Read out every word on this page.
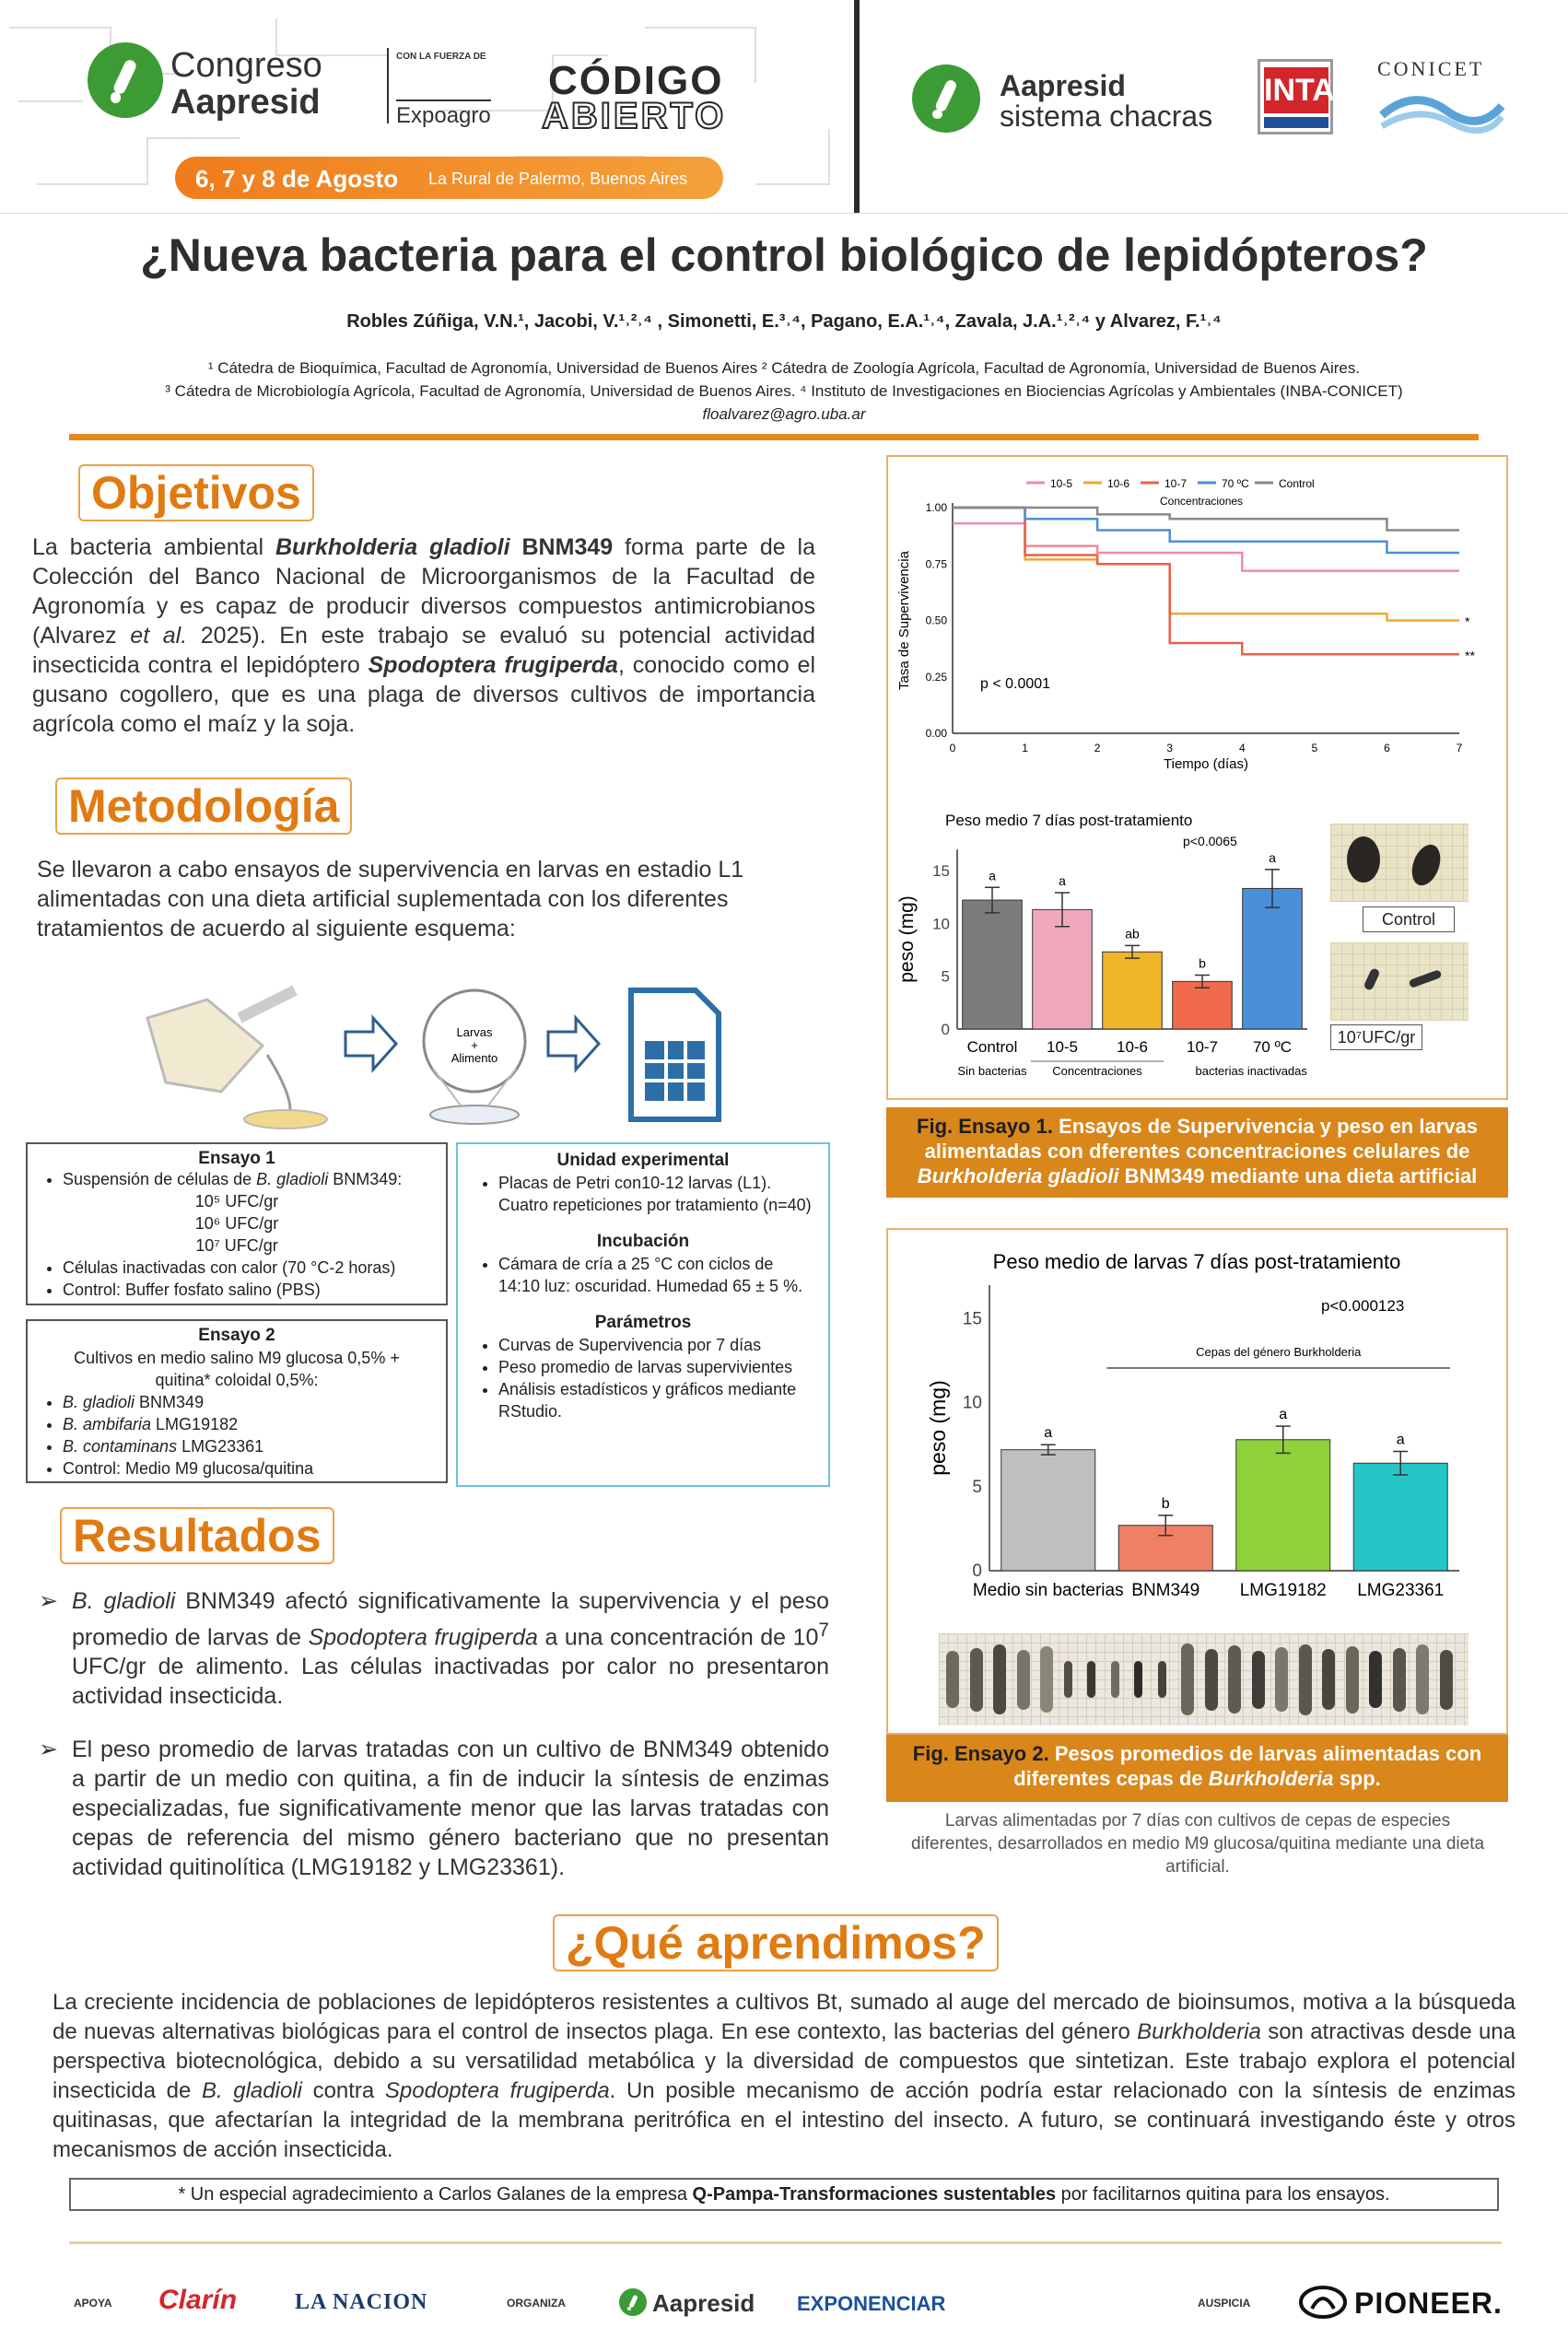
Congreso
Aapresid
CON LA FUERZA DE
Expoagro
CÓDIGO
ABIERTO
6, 7 y 8 de Agosto La Rural de Palermo, Buenos Aires
Aapresid
sistema chacras
INTA
CONICET
¿Nueva bacteria para el control biológico de lepidópteros?
Robles Zúñiga, V.N.¹, Jacobi, V.¹˒²˒⁴ , Simonetti, E.³˒⁴, Pagano, E.A.¹˒⁴, Zavala, J.A.¹˒²˒⁴ y Alvarez, F.¹˒⁴
¹ Cátedra de Bioquímica, Facultad de Agronomía, Universidad de Buenos Aires ² Cátedra de Zoología Agrícola, Facultad de Agronomía, Universidad de Buenos Aires.
³ Cátedra de Microbiología Agrícola, Facultad de Agronomía, Universidad de Buenos Aires. ⁴ Instituto de Investigaciones en Biociencias Agrícolas y Ambientales (INBA-CONICET)
floalvarez@agro.uba.ar
Objetivos
La bacteria ambiental Burkholderia gladioli BNM349 forma parte de la Colección del Banco Nacional de Microorganismos de la Facultad de Agronomía y es capaz de producir diversos compuestos antimicrobianos (Alvarez et al. 2025). En este trabajo se evaluó su potencial actividad insecticida contra el lepidóptero Spodoptera frugiperda, conocido como el gusano cogollero, que es una plaga de diversos cultivos de importancia agrícola como el maíz y la soja.
Metodología
Se llevaron a cabo ensayos de supervivencia en larvas en estadio L1 alimentadas con una dieta artificial suplementada con los diferentes tratamientos de acuerdo al siguiente esquema:
Larvas
+
Alimento
Ensayo 1
• Suspensión de células de B. gladioli BNM349:
10⁵ UFC/gr
10⁶ UFC/gr
10⁷ UFC/gr
• Células inactivadas con calor (70 °C-2 horas)
• Control: Buffer fosfato salino (PBS)
Ensayo 2
Cultivos en medio salino M9 glucosa 0,5% + quitina* coloidal 0,5%:
• B. gladioli BNM349
• B. ambifaria LMG19182
• B. contaminans LMG23361
• Control: Medio M9 glucosa/quitina
Unidad experimental
• Placas de Petri con10-12 larvas (L1). Cuatro repeticiones por tratamiento (n=40)
Incubación
• Cámara de cría a 25 °C con ciclos de 14:10 luz: oscuridad. Humedad 65 ± 5 %.
Parámetros
• Curvas de Supervivencia por 7 días
• Peso promedio de larvas supervivientes
• Análisis estadísticos y gráficos mediante RStudio.
Resultados
➢ B. gladioli BNM349 afectó significativamente la supervivencia y el peso promedio de larvas de Spodoptera frugiperda a una concentración de $10^7$ UFC/gr de alimento. Las células inactivadas por calor no presentaron actividad insecticida.
➢ El peso promedio de larvas tratadas con un cultivo de BNM349 obtenido a partir de un medio con quitina, a fin de inducir la síntesis de enzimas especializadas, fue significativamente menor que las larvas tratadas con cepas de referencia del mismo género bacteriano que no presentan actividad quitinolítica (LMG19182 y LMG23361).
10-5	10-6	10-7	70 ºC	Control
Concentraciones
0.00
0.25
0.50
0.75
1.00
0	1	2	3	4	5	6	7
Tiempo (días)
Tasa de Supervivencia	p < 0.0001
*
**
Peso medio 7 días post-tratamiento
0
5
10
15
peso (mg)
a
Control
a
10-5
ab
10-6
b
10-7
a
70 ºC
p<0.0065
Sin bacterias Concentraciones	bacterias inactivadas
Control
10⁷UFC/gr
Fig. Ensayo 1. Ensayos de Supervivencia y peso en larvas alimentadas con dferentes concentraciones celulares de Burkholderia gladioli BNM349 mediante una dieta artificial
Peso medio de larvas 7 días post-tratamiento
p<0.000123
0
5
10
15
peso (mg)	a
Medio sin bacterias
b
BNM349
a
LMG19182
a
LMG23361
Cepas del género Burkholderia
Fig. Ensayo 2. Pesos promedios de larvas alimentadas con diferentes cepas de Burkholderia spp.
Larvas alimentadas por 7 días con cultivos de cepas de especies diferentes, desarrollados en medio M9 glucosa/quitina mediante una dieta artificial.
¿Qué aprendimos?
La creciente incidencia de poblaciones de lepidópteros resistentes a cultivos Bt, sumado al auge del mercado de bioinsumos, motiva a la búsqueda de nuevas alternativas biológicas para el control de insectos plaga. En ese contexto, las bacterias del género Burkholderia son atractivas desde una perspectiva biotecnológica, debido a su versatilidad metabólica y la diversidad de compuestos que sintetizan. Este trabajo explora el potencial insecticida de B. gladioli contra Spodoptera frugiperda. Un posible mecanismo de acción podría estar relacionado con la síntesis de enzimas quitinasas, que afectarían la integridad de la membrana peritrófica en el intestino del insecto. A futuro, se continuará investigando éste y otros mecanismos de acción insecticida.
* Un especial agradecimiento a Carlos Galanes de la empresa Q-Pampa-Transformaciones sustentables por facilitarnos quitina para los ensayos.
APOYA Clarín	LA NACION	ORGANIZA	Aapresid EXPONENCIAR	AUSPICIA	PIONEER.
